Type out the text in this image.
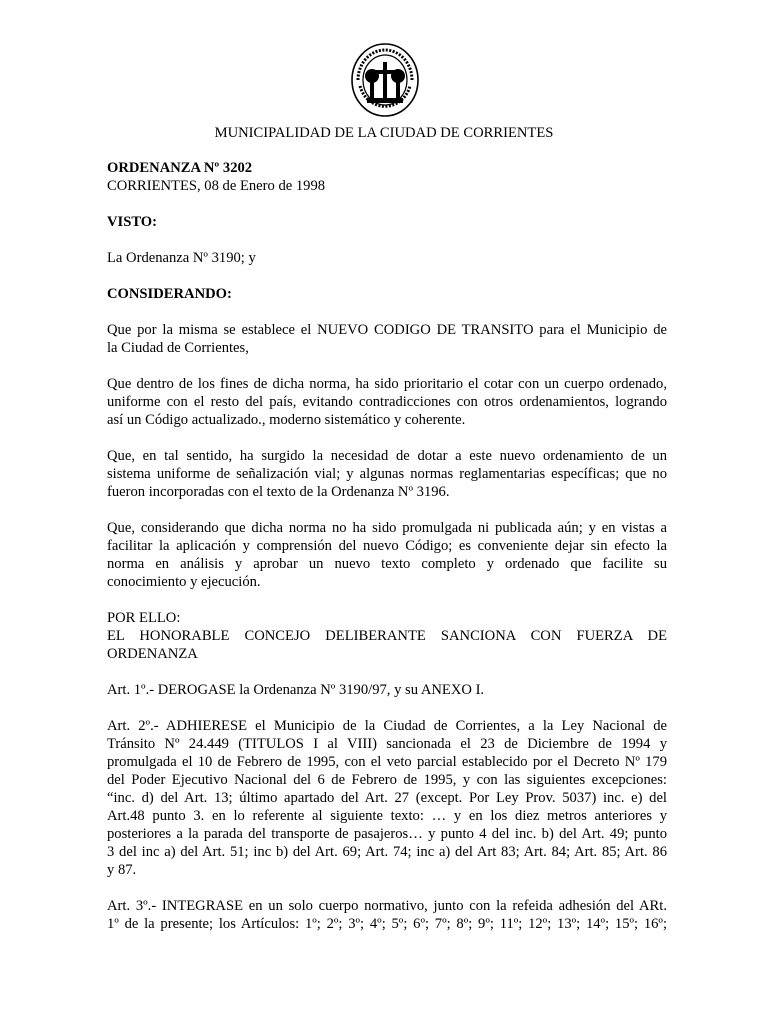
MUNICIPALIDAD DE LA CIUDAD DE CORRIENTES

ORDENANZA Nº 3202

CORRIENTES, 08 de Enero de 1998

VISTO:

La Ordenanza Nº 3190; y

CONSIDERANDO:

Que por la misma se establece el NUEVO CODIGO DE TRANSITO para el Municipio de
la Ciudad de Corrientes,

Que dentro de los fines de dicha norma, ha sido prioritario el cotar con un cuerpo ordenado,
uniforme con el resto del país, evitando contradicciones con otros ordenamientos, logrando
así un Código actualizado., moderno sistemático y coherente.

Que, en tal sentido, ha surgido la necesidad de dotar a este nuevo ordenamiento de un
sistema uniforme de señalización vial; y algunas normas reglamentarias específicas; que no
fueron incorporadas con el texto de la Ordenanza Nº 3196.

Que, considerando que dicha norma no ha sido promulgada ni publicada aún; y en vistas a
facilitar la aplicación y comprensión del nuevo Código; es conveniente dejar sin efecto la
norma en análisis y aprobar un nuevo texto completo y ordenado que facilite su
conocimiento y ejecución.

POR ELLO:
EL HONORABLE CONCEJO DELIBERANTE SANCIONA CON FUERZA DE
ORDENANZA

Art. 1º.- DEROGASE la Ordenanza Nº 3190/97, y su ANEXO I.

Art. 2º.- ADHIERESE el Municipio de la Ciudad de Corrientes, a la Ley Nacional de
Tránsito Nº 24.449 (TITULOS I al VIII) sancionada el 23 de Diciembre de 1994 y
promulgada el 10 de Febrero de 1995, con el veto parcial establecido por el Decreto Nº 179
del Poder Ejecutivo Nacional del 6 de Febrero de 1995, y con las siguientes excepciones:
“inc. d) del Art. 13; último apartado del Art. 27 (except. Por Ley Prov. 5037) inc. e) del
Art.48 punto 3. en lo referente al siguiente texto: … y en los diez metros anteriores y
posteriores a la parada del transporte de pasajeros… y punto 4 del inc. b) del Art. 49; punto
3 del inc a) del Art. 51; inc b) del Art. 69; Art. 74; inc a) del Art 83; Art. 84; Art. 85; Art. 86
y 87.

Art. 3º.- INTEGRASE en un solo cuerpo normativo, junto con la refeida adhesión del ARt.
1º de la presente; los Artículos: 1º; 2º; 3º; 4º; 5º; 6º; 7º; 8º; 9º; 11º; 12º; 13º; 14º; 15º; 16º;
